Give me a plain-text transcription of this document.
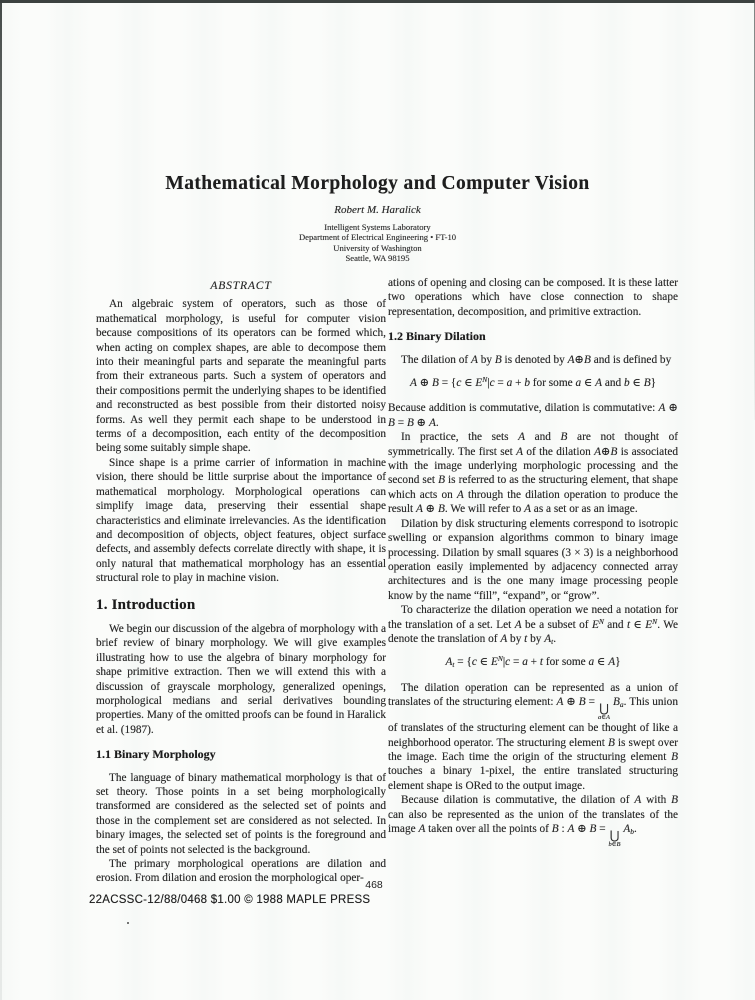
Mathematical Morphology and Computer Vision
Robert M. Haralick
Intelligent Systems Laboratory
Department of Electrical Engineering • FT-10
University of Washington
Seattle, WA 98195
ABSTRACT

An algebraic system of operators, such as those of mathematical morphology, is useful for computer vision because compositions of its operators can be formed which, when acting on complex shapes, are able to decompose them into their meaningful parts and separate the meaningful parts from their extraneous parts. Such a system of operators and their compositions permit the underlying shapes to be identified and reconstructed as best possible from their distorted noisy forms. As well they permit each shape to be understood in terms of a decomposition, each entity of the decomposition being some suitably simple shape.

Since shape is a prime carrier of information in machine vision, there should be little surprise about the importance of mathematical morphology. Morphological operations can simplify image data, preserving their essential shape characteristics and eliminate irrelevancies. As the identification and decomposition of objects, object features, object surface defects, and assembly defects correlate directly with shape, it is only natural that mathematical morphology has an essential structural role to play in machine vision.

1. Introduction

We begin our discussion of the algebra of morphology with a brief review of binary morphology. We will give examples illustrating how to use the algebra of binary morphology for shape primitive extraction. Then we will extend this with a discussion of grayscale morphology, generalized openings, morphological medians and serial derivatives bounding properties. Many of the omitted proofs can be found in Haralick et al. (1987).

1.1 Binary Morphology

The language of binary mathematical morphology is that of set theory. Those points in a set being morphologically transformed are considered as the selected set of points and those in the complement set are considered as not selected. In binary images, the selected set of points is the foreground and the set of points not selected is the background.

The primary morphological operations are dilation and erosion. From dilation and erosion the morphological oper-

ations of opening and closing can be composed. It is these latter two operations which have close connection to shape representation, decomposition, and primitive extraction.

1.2 Binary Dilation

The dilation of A by B is denoted by A⊕B and is defined by

A ⊕ B = {c ∈ $E^N|c = a + b$ for some a ∈ A and b ∈ B}

Because addition is commutative, dilation is commutative: A ⊕ B = B ⊕ A.

In practice, the sets A and B are not thought of symmetrically. The first set A of the dilation A⊕B is associated with the image underlying morphologic processing and the second set B is referred to as the structuring element, that shape which acts on A through the dilation operation to produce the result A ⊕ B. We will refer to A as a set or as an image.

Dilation by disk structuring elements correspond to isotropic swelling or expansion algorithms common to binary image processing. Dilation by small squares (3 × 3) is a neighborhood operation easily implemented by adjacency connected array architectures and is the one many image processing people know by the name “fill”, “expand”, or “grow”.

To characterize the dilation operation we need a notation for the translation of a set. Let A be a subset of $E^N$ and t ∈ $E^N$. We denote the translation of A by t by $A_t$.

$A_t = \{c$ ∈ $E^N|c = a + t$ for some a ∈ A}

The dilation operation can be represented as a union of translates of the structuring element: A ⊕ B = ⋃
a∈A
$B_a$. This union of translates of the structuring element can be thought of like a neighborhood operator. The structuring element B is swept over the image. Each time the origin of the structuring element B touches a binary 1-pixel, the entire translated structuring element shape is ORed to the output image.

Because dilation is commutative, the dilation of A with B can also be represented as the union of the translates of the image A taken over all the points of B : A ⊕ B = ⋃
b∈B
$A_b$.

468
22ACSSC-12/88/0468 $1.00 © 1988 MAPLE PRESS
